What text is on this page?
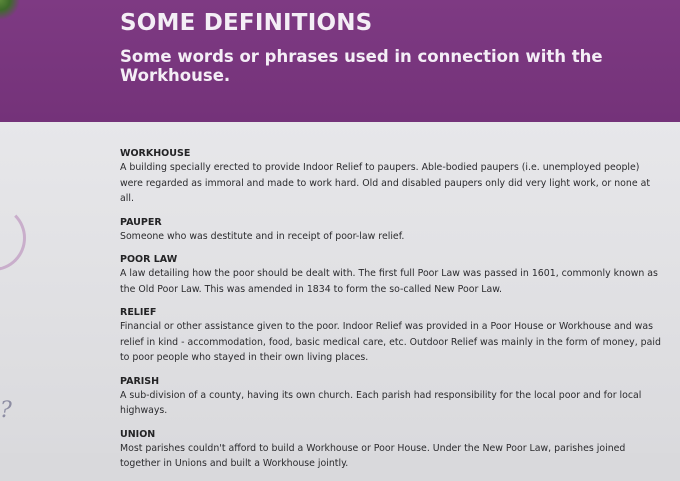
SOME DEFINITIONS
Some words or phrases used in connection with the Workhouse.
?
WORKHOUSE
A building specially erected to provide Indoor Relief to paupers. Able-bodied paupers (i.e. unemployed people) were regarded as immoral and made to work hard. Old and disabled paupers only did very light work, or none at all.
PAUPER
Someone who was destitute and in receipt of poor-law relief.
POOR LAW
A law detailing how the poor should be dealt with. The first full Poor Law was passed in 1601, commonly known as the Old Poor Law. This was amended in 1834 to form the so-called New Poor Law.
RELIEF
Financial or other assistance given to the poor. Indoor Relief was provided in a Poor House or Workhouse and was relief in kind - accommodation, food, basic medical care, etc. Outdoor Relief was mainly in the form of money, paid to poor people who stayed in their own living places.
PARISH
A sub-division of a county, having its own church. Each parish had responsibility for the local poor and for local highways.
UNION
Most parishes couldn't afford to build a Workhouse or Poor House. Under the New Poor Law, parishes joined together in Unions and built a Workhouse jointly.
